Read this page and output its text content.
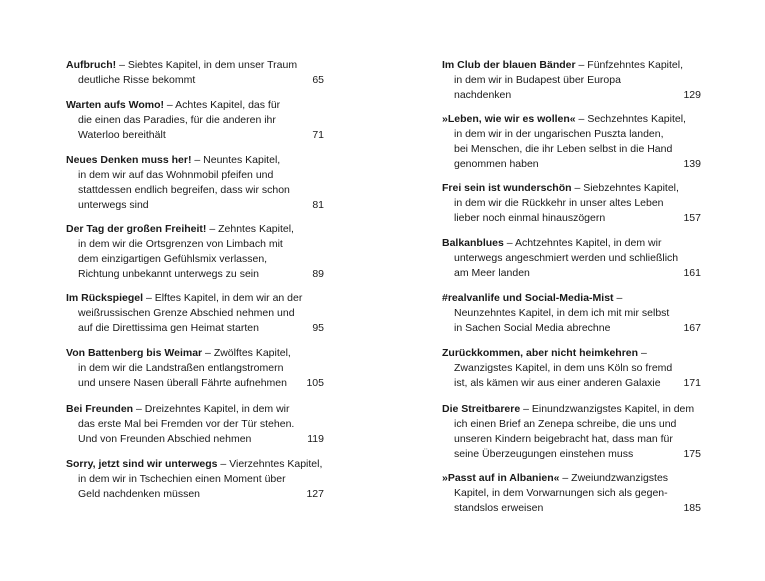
Aufbruch! – Siebtes Kapitel, in dem unser Traum
deutliche Risse bekommt	65
Warten aufs Womo! – Achtes Kapitel, das für
die einen das Paradies, für die anderen ihr
Waterloo bereithält	71
Neues Denken muss her! – Neuntes Kapitel,
in dem wir auf das Wohnmobil pfeifen und
stattdessen endlich begreifen, dass wir schon
unterwegs sind	81
Der Tag der großen Freiheit! – Zehntes Kapitel,
in dem wir die Ortsgrenzen von Limbach mit
dem einzigartigen Gefühlsmix verlassen,
Richtung unbekannt unterwegs zu sein	89
Im Rückspiegel – Elftes Kapitel, in dem wir an der
weißrussischen Grenze Abschied nehmen und
auf die Direttissima gen Heimat starten	95
Von Battenberg bis Weimar – Zwölftes Kapitel,
in dem wir die Landstraßen entlangstromern
und unsere Nasen überall Fährte aufnehmen	105
Bei Freunden – Dreizehntes Kapitel, in dem wir
das erste Mal bei Fremden vor der Tür stehen.
Und von Freunden Abschied nehmen	119
Sorry, jetzt sind wir unterwegs – Vierzehntes Kapitel,
in dem wir in Tschechien einen Moment über
Geld nachdenken müssen	127
Im Club der blauen Bänder – Fünfzehntes Kapitel,
in dem wir in Budapest über Europa
nachdenken	129
»Leben, wie wir es wollen« – Sechzehntes Kapitel,
in dem wir in der ungarischen Puszta landen,
bei Menschen, die ihr Leben selbst in die Hand
genommen haben	139
Frei sein ist wunderschön – Siebzehntes Kapitel,
in dem wir die Rückkehr in unser altes Leben
lieber noch einmal hinauszögern	157
Balkanblues – Achtzehntes Kapitel, in dem wir
unterwegs angeschmiert werden und schließlich
am Meer landen	161
#realvanlife und Social-Media-Mist –
Neunzehntes Kapitel, in dem ich mit mir selbst
in Sachen Social Media abrechne	167
Zurückkommen, aber nicht heimkehren –
Zwanzigstes Kapitel, in dem uns Köln so fremd
ist, als kämen wir aus einer anderen Galaxie	171
Die Streitbarere – Einundzwanzigstes Kapitel, in dem
ich einen Brief an Zenepa schreibe, die uns und
unseren Kindern beigebracht hat, dass man für
seine Überzeugungen einstehen muss	175
»Passt auf in Albanien« – Zweiundzwanzigstes
Kapitel, in dem Vorwarnungen sich als gegen-
standslos erweisen	185
